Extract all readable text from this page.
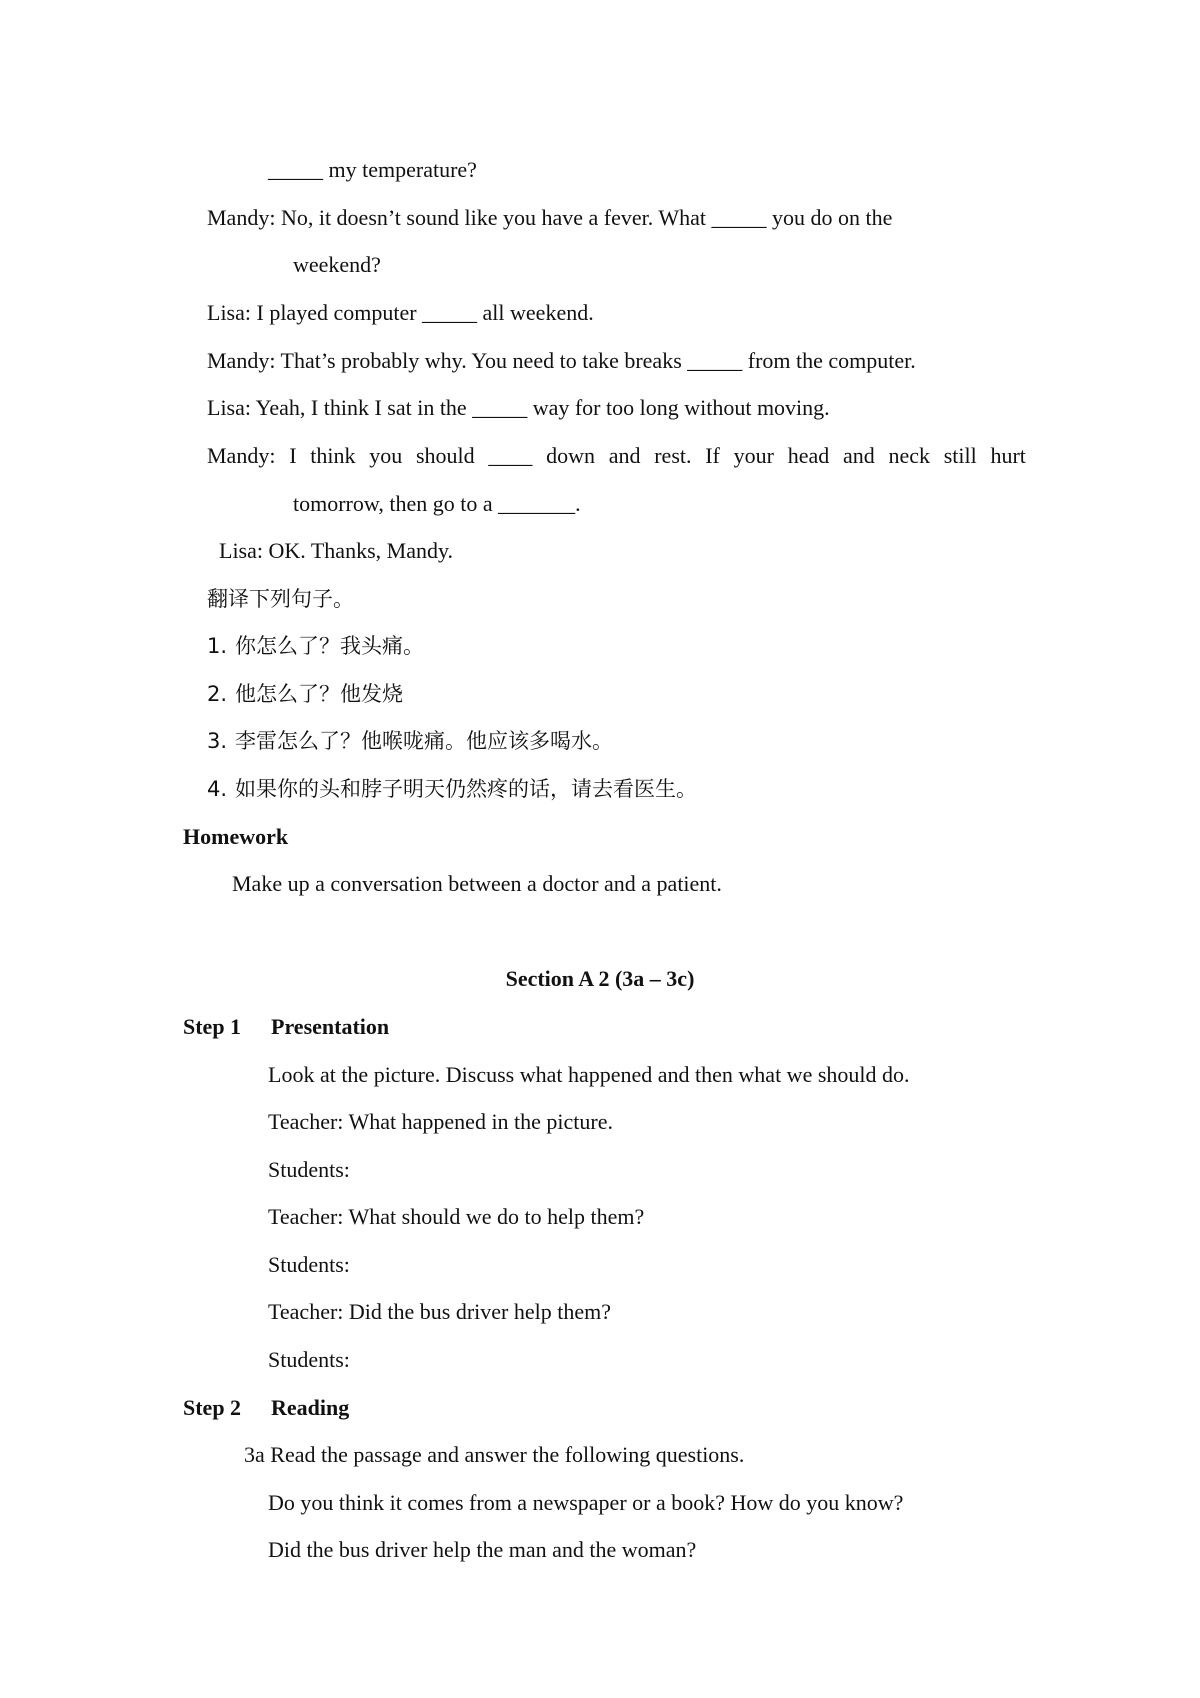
_____ my temperature?
Mandy: No, it doesn’t sound like you have a fever. What _____ you do on the
weekend?
Lisa: I played computer _____ all weekend.
Mandy: That’s probably why. You need to take breaks _____ from the computer.
Lisa: Yeah, I think I sat in the _____ way for too long without moving.
Mandy: I think you should ____ down and rest. If your head and neck still hurt
tomorrow, then go to a _______.
Lisa: OK. Thanks, Mandy.
翻译下列句子。
1. 你怎么了？我头痛。
2. 他怎么了？他发烧
3. 李雷怎么了？他喉咙痛。他应该多喝水。
4. 如果你的头和脖子明天仍然疼的话，请去看医生。
Homework
Make up a conversation between a doctor and a patient.
Section A 2 (3a – 3c)
Step 1 Presentation
Look at the picture. Discuss what happened and then what we should do.
Teacher: What happened in the picture.
Students:
Teacher: What should we do to help them?
Students:
Teacher: Did the bus driver help them?
Students:
Step 2 Reading
3a Read the passage and answer the following questions.
Do you think it comes from a newspaper or a book? How do you know?
Did the bus driver help the man and the woman?
